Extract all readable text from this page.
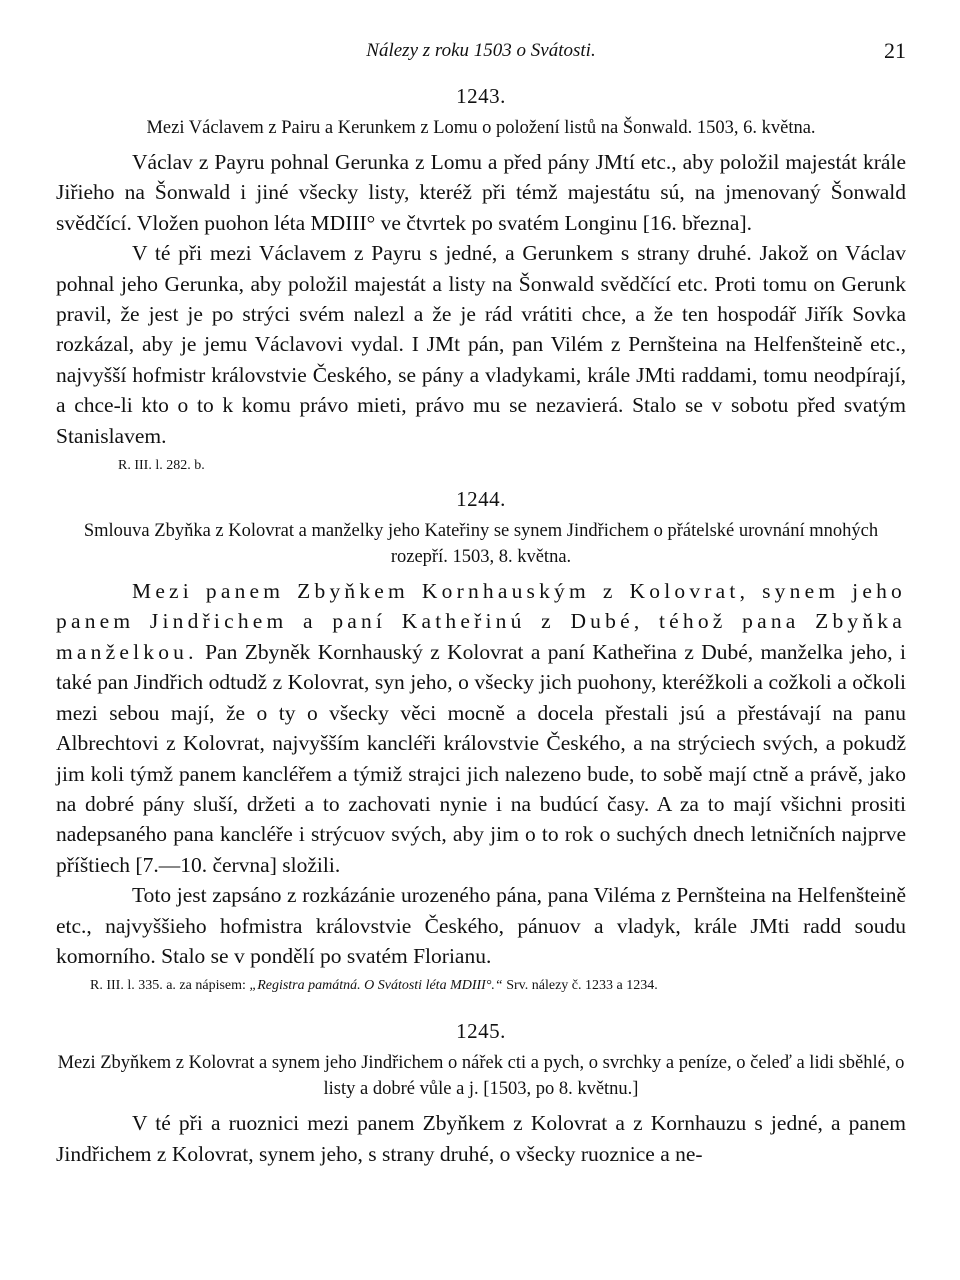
Nálezy z roku 1503 o Svátosti.	21
1243.
Mezi Václavem z Pairu a Kerunkem z Lomu o položení listů na Šonwald. 1503, 6. května.

Václav z Payru pohnal Gerunka z Lomu a před pány JMtí etc., aby položil majestát krále Jiřieho na Šonwald i jiné všecky listy, kteréž při témž majestátu sú, na jmenovaný Šonwald svědčící. Vložen puohon léta MDIII° ve čtvrtek po svatém Longinu [16. března].

V té při mezi Václavem z Payru s jedné, a Gerunkem s strany druhé. Jakož on Václav pohnal jeho Gerunka, aby položil majestát a listy na Šonwald svědčící etc. Proti tomu on Gerunk pravil, že jest je po strýci svém nalezl a že je rád vrátiti chce, a že ten hospodář Jiřík Sovka rozkázal, aby je jemu Václavovi vydal. I JMt pán, pan Vilém z Pernšteina na Helfenšteině etc., najvyšší hofmistr královstvie Českého, se pány a vladykami, krále JMti raddami, tomu neodpírají, a chce-li kto o to k komu právo mieti, právo mu se nezavierá. Stalo se v sobotu před svatým Stanislavem.

R. III. l. 282. b.
1244.
Smlouva Zbyňka z Kolovrat a manželky jeho Kateřiny se synem Jindřichem o přátelské urovnání mnohých rozepří. 1503, 8. května.

Mezi panem Zbyňkem Kornhauským z Kolovrat, synem jeho panem Jindřichem a paní Katheřinú z Dubé, téhož pana Zbyňka manželkou. Pan Zbyněk Kornhauský z Kolovrat a paní Katheřina z Dubé, manželka jeho, i také pan Jindřich odtudž z Kolovrat, syn jeho, o všecky jich puohony, kteréžkoli a cožkoli a očkoli mezi sebou mají, že o ty o všecky věci mocně a docela přestali jsú a přestávají na panu Albrechtovi z Kolovrat, najvyšším kancléři královstvie Českého, a na strýciech svých, a pokudž jim koli týmž panem kancléřem a týmiž strajci jich nalezeno bude, to sobě mají ctně a právě, jako na dobré pány sluší, držeti a to zachovati nynie i na budúcí časy. A za to mají všichni prositi nadepsaného pana kancléře i strýcuov svých, aby jim o to rok o suchých dnech letničních najprve příštiech [7.—10. června] složili.

Toto jest zapsáno z rozkázánie urozeného pána, pana Viléma z Pernšteina na Helfenšteině etc., najvyššieho hofmistra královstvie Českého, pánuov a vladyk, krále JMti radd soudu komorního. Stalo se v pondělí po svatém Florianu.

R. III. l. 335. a. za nápisem: „Registra památná. O Svátosti léta MDIII°.“ Srv. nálezy č. 1233 a 1234.
1245.
Mezi Zbyňkem z Kolovrat a synem jeho Jindřichem o nářek cti a pych, o svrchky a peníze, o čeleď a lidi sběhlé, o listy a dobré vůle a j. [1503, po 8. květnu.]

V té při a ruoznici mezi panem Zbyňkem z Kolovrat a z Kornhauzu s jedné, a panem Jindřichem z Kolovrat, synem jeho, s strany druhé, o všecky ruoznice a ne-
